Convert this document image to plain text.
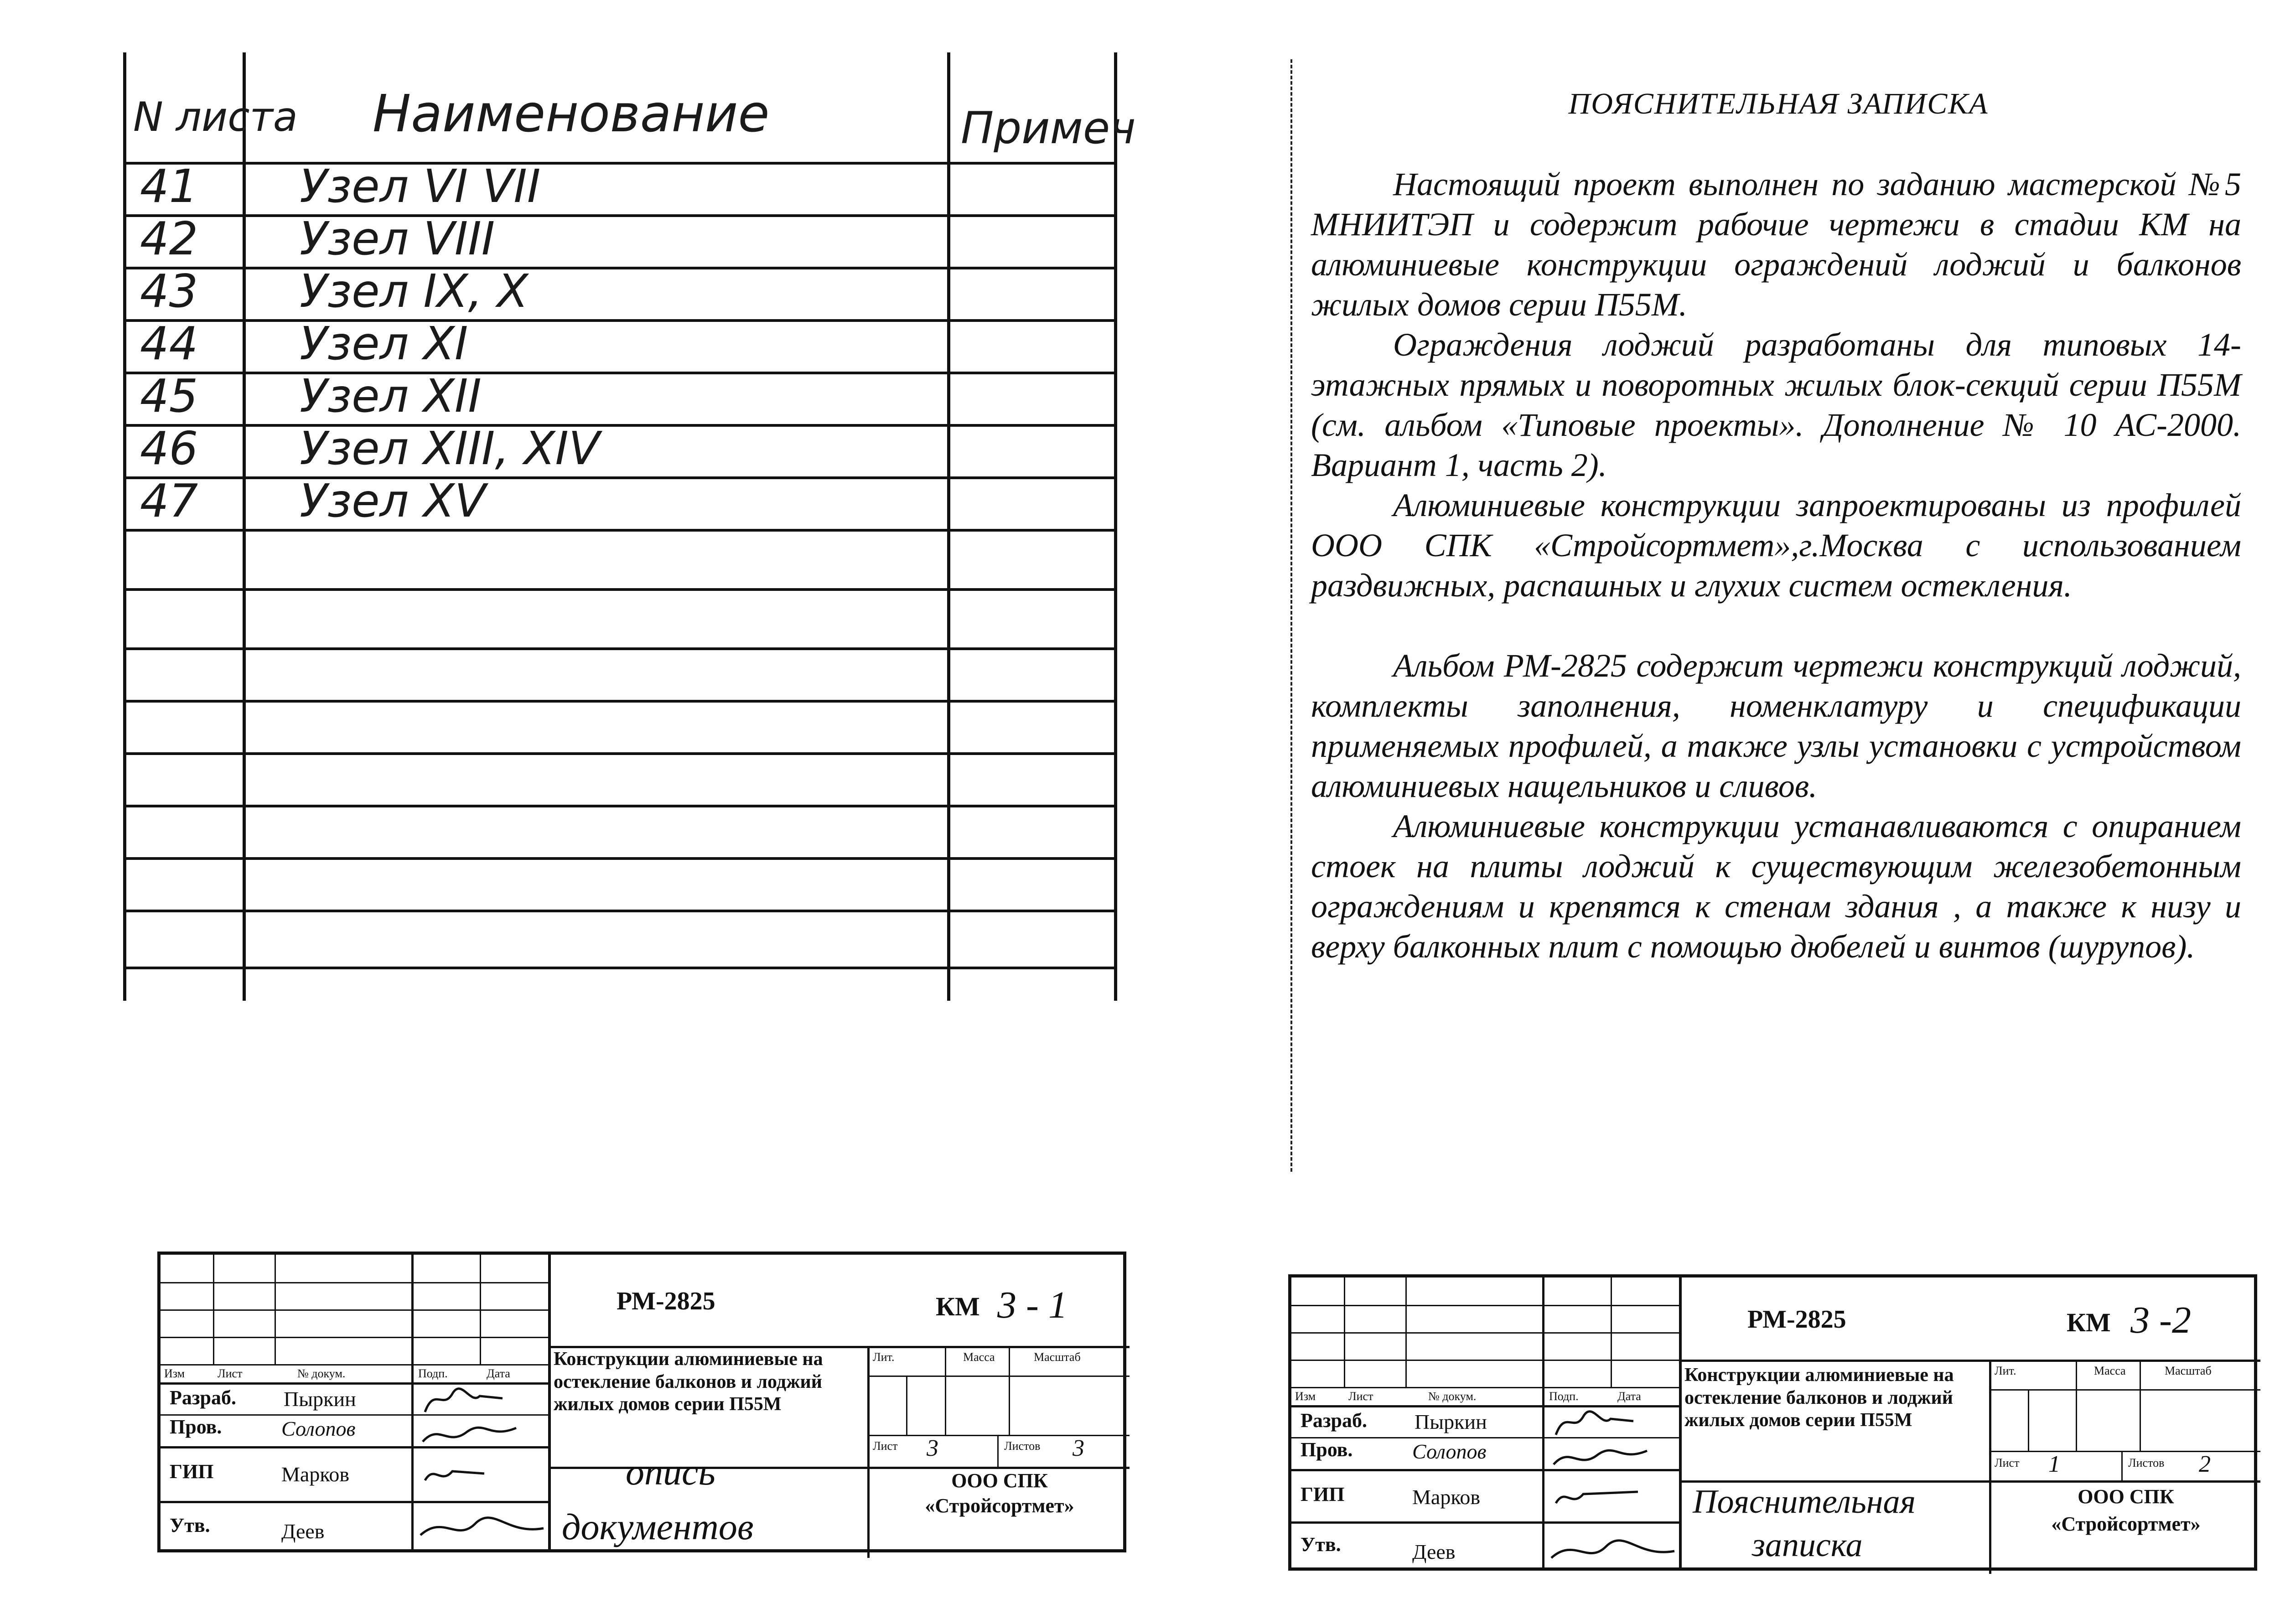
N листа Наименование	Примеч
41	Узел VI VII
42	Узел VIII
43	Узел IX, X
44	Узел XI
45	Узел XII
46	Узел XIII, XIV
47	Узел XV
Изм	Лист	№ докум.	Подп.	Дата
Разраб. Пыркин
Пров.	Солопов
ГИП	Марков
Утв.	Деев
РМ-2825	КМ 3 - 1
Конструкции алюминиевые на остекление балконов и лоджий жилых домов серии П55М
Лит.	Масса	Масштаб
Лист 3	Листов 3
опись
документов
ООО СПК
«Стройсортмет»
ПОЯСНИТЕЛЬНАЯ ЗАПИСКА

Настоящий проект выполнен по заданию мастерской №5 МНИИТЭП и содержит рабочие чертежи в стадии КМ на алюминиевые конструкции ограждений лоджий и балконов жилых домов серии П55М.

Ограждения лоджий разработаны для типовых 14-этажных прямых и поворотных жилых блок-секций серии П55М (см. альбом «Типовые проекты». Дополнение № 10 АС-2000. Вариант 1, часть 2).

Алюминиевые конструкции запроектированы из профилей ООО СПК «Стройсортмет»,г.Москва с использованием раздвижных, распашных и глухих систем остекления.

Альбом РМ-2825 содержит чертежи конструкций лоджий, комплекты заполнения, номенклатуру и спецификации применяемых профилей, а также узлы установки с устройством алюминиевых нащельников и сливов.

Алюминиевые конструкции устанавливаются с опиранием стоек на плиты лоджий к существующим железобетонным ограждениям и крепятся к стенам здания , а также к низу и верху балконных плит с помощью дюбелей и винтов (шурупов).

Изм	Лист	№ докум.	Подп.	Дата
Разраб. Пыркин
Пров.	Солопов
ГИП	Марков
Утв.	Деев
РМ-2825	КМ 3 -2
Конструкции алюминиевые на остекление балконов и лоджий жилых домов серии П55М
Лит.	Масса	Масштаб
Лист 1	Листов 2
Пояснительная
записка
ООО СПК
«Стройсортмет»
